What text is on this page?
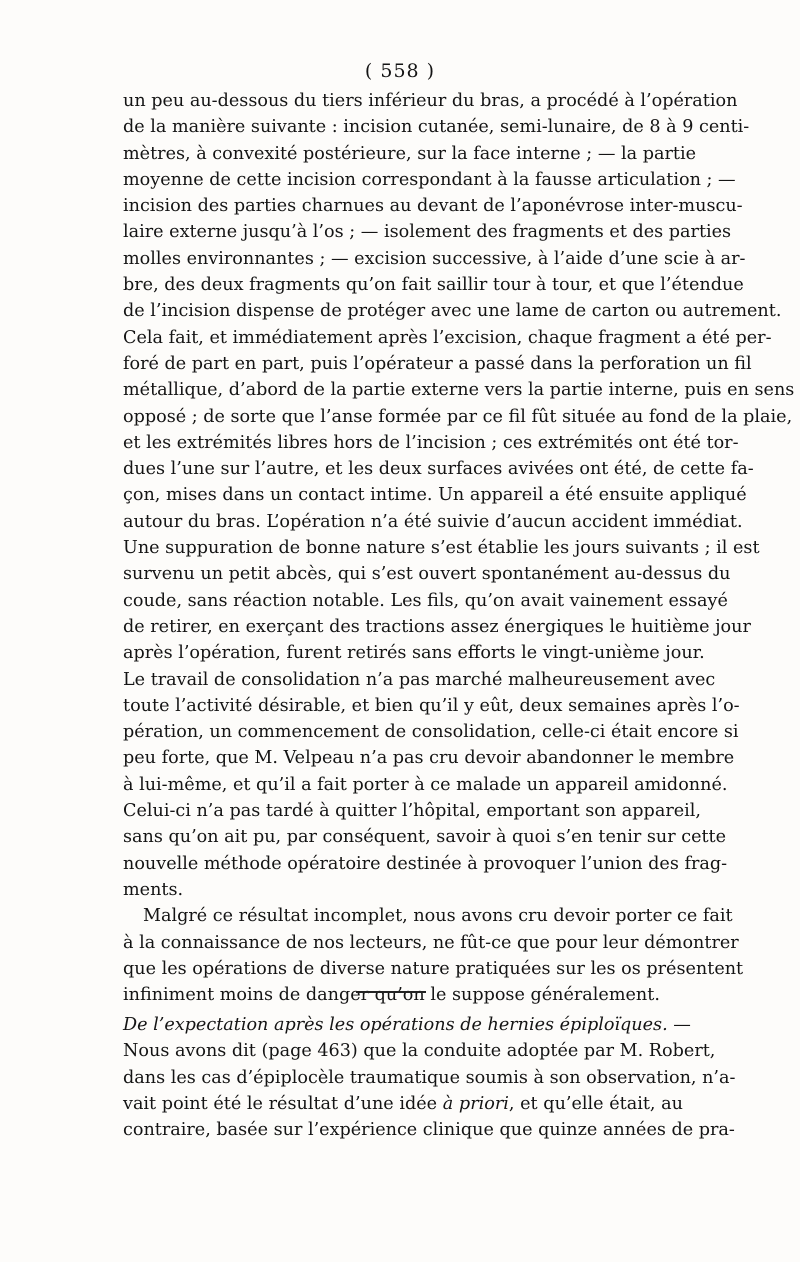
( 558 )
un peu au-dessous du tiers inférieur du bras, a procédé à l’opération
de la manière suivante : incision cutanée, semi-lunaire, de 8 à 9 centi-
mètres, à convexité postérieure, sur la face interne ; — la partie
moyenne de cette incision correspondant à la fausse articulation ; —
incision des parties charnues au devant de l’aponévrose inter-muscu-
laire externe jusqu’à l’os ; — isolement des fragments et des parties
molles environnantes ; — excision successive, à l’aide d’une scie à ar-
bre, des deux fragments qu’on fait saillir tour à tour, et que l’étendue
de l’incision dispense de protéger avec une lame de carton ou autrement.
Cela fait, et immédiatement après l’excision, chaque fragment a été per-
foré de part en part, puis l’opérateur a passé dans la perforation un fil
métallique, d’abord de la partie externe vers la partie interne, puis en sens
opposé ; de sorte que l’anse formée par ce fil fût située au fond de la plaie,
et les extrémités libres hors de l’incision ; ces extrémités ont été tor-
dues l’une sur l’autre, et les deux surfaces avivées ont été, de cette fa-
çon, mises dans un contact intime. Un appareil a été ensuite appliqué
autour du bras. L’opération n’a été suivie d’aucun accident immédiat.
Une suppuration de bonne nature s’est établie les jours suivants ; il est
survenu un petit abcès, qui s’est ouvert spontanément au-dessus du
coude, sans réaction notable. Les fils, qu’on avait vainement essayé
de retirer, en exerçant des tractions assez énergiques le huitième jour
après l’opération, furent retirés sans efforts le vingt-unième jour.
Le travail de consolidation n’a pas marché malheureusement avec
toute l’activité désirable, et bien qu’il y eût, deux semaines après l’o-
pération, un commencement de consolidation, celle-ci était encore si
peu forte, que M. Velpeau n’a pas cru devoir abandonner le membre
à lui-même, et qu’il a fait porter à ce malade un appareil amidonné.
Celui-ci n’a pas tardé à quitter l’hôpital, emportant son appareil,
sans qu’on ait pu, par conséquent, savoir à quoi s’en tenir sur cette
nouvelle méthode opératoire destinée à provoquer l’union des frag-
ments.
Malgré ce résultat incomplet, nous avons cru devoir porter ce fait
à la connaissance de nos lecteurs, ne fût-ce que pour leur démontrer
que les opérations de diverse nature pratiquées sur les os présentent
infiniment moins de danger qu’on le suppose généralement.
De l’expectation après les opérations de hernies épiploïques. —
Nous avons dit (page 463) que la conduite adoptée par M. Robert,
dans les cas d’épiplocèle traumatique soumis à son observation, n’a-
vait point été le résultat d’une idée à priori, et qu’elle était, au
contraire, basée sur l’expérience clinique que quinze années de pra-
